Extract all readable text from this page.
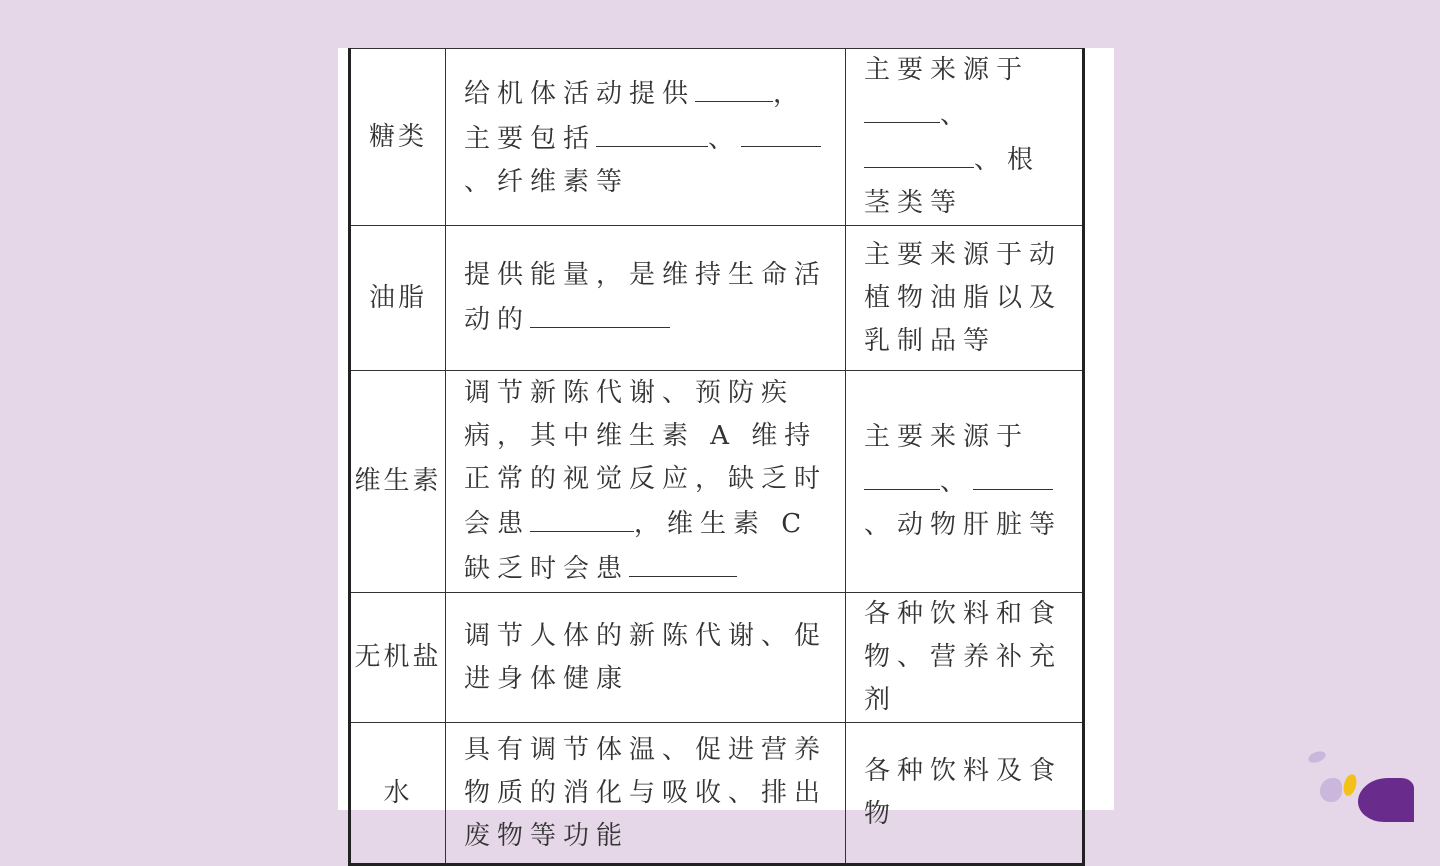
糖类	给机体活动提供 ，主要包括 、、纤维素等	主要来源于、、根茎类等
油脂	提供能量，是维持生命活动的	主要来源于动植物油脂以及乳制品等
维生素	调节新陈代谢、预防疾病，其中维生素 A 维持正常的视觉反应，缺乏时会患 ，维生素 C 缺乏时会患	主要来源于、、动物肝脏等
无机盐	调节人体的新陈代谢、促进身体健康	各种饮料和食物、营养补充剂
水	具有调节体温、促进营养物质的消化与吸收、排出废物等功能	各种饮料及食物
